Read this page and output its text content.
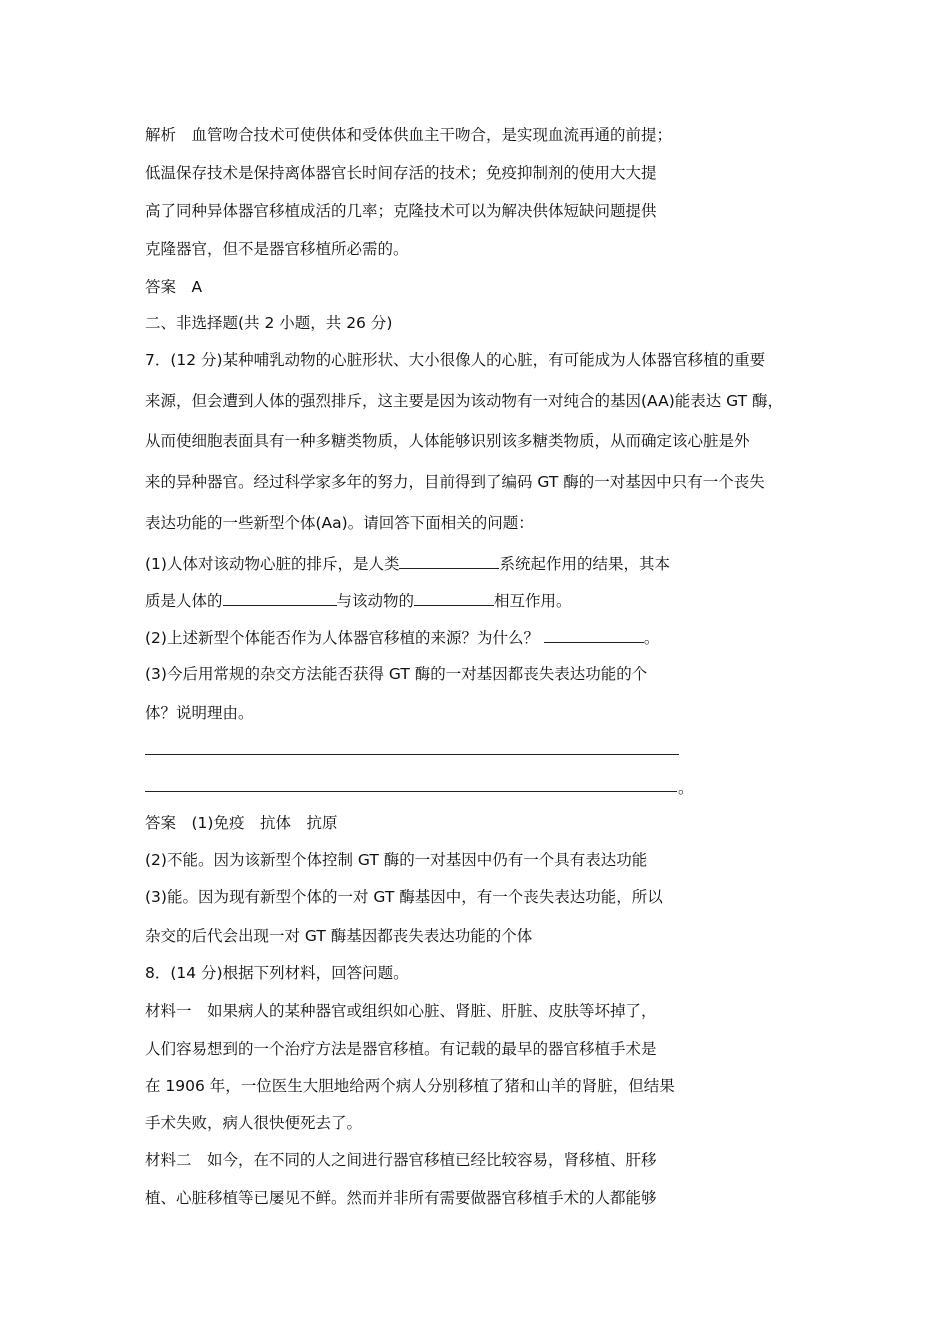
解析　血管吻合技术可使供体和受体供血主干吻合，是实现血流再通的前提；
低温保存技术是保持离体器官长时间存活的技术；免疫抑制剂的使用大大提
高了同种异体器官移植成活的几率；克隆技术可以为解决供体短缺问题提供
克隆器官，但不是器官移植所必需的。
答案　A
二、非选择题(共 2 小题，共 26 分)
7．(12 分)某种哺乳动物的心脏形状、大小很像人的心脏，有可能成为人体器官移植的重要
来源，但会遭到人体的强烈排斥，这主要是因为该动物有一对纯合的基因(AA)能表达 GT 酶，
从而使细胞表面具有一种多糖类物质，人体能够识别该多糖类物质，从而确定该心脏是外
来的异种器官。经过科学家多年的努力，目前得到了编码 GT 酶的一对基因中只有一个丧失
表达功能的一些新型个体(Aa)。请回答下面相关的问题：
(1)人体对该动物心脏的排斥，是人类	系统起作用的结果，其本
质是人体的	与该动物的	相互作用。
(2)上述新型个体能否作为人体器官移植的来源？为什么？	。
(3)今后用常规的杂交方法能否获得 GT 酶的一对基因都丧失表达功能的个
体？说明理由。
。
答案　(1)免疫　抗体　抗原
(2)不能。因为该新型个体控制 GT 酶的一对基因中仍有一个具有表达功能
(3)能。因为现有新型个体的一对 GT 酶基因中，有一个丧失表达功能，所以
杂交的后代会出现一对 GT 酶基因都丧失表达功能的个体
8．(14 分)根据下列材料，回答问题。
材料一　如果病人的某种器官或组织如心脏、肾脏、肝脏、皮肤等坏掉了，
人们容易想到的一个治疗方法是器官移植。有记载的最早的器官移植手术是
在 1906 年，一位医生大胆地给两个病人分别移植了猪和山羊的肾脏，但结果
手术失败，病人很快便死去了。
材料二　如今，在不同的人之间进行器官移植已经比较容易，肾移植、肝移
植、心脏移植等已屡见不鲜。然而并非所有需要做器官移植手术的人都能够
